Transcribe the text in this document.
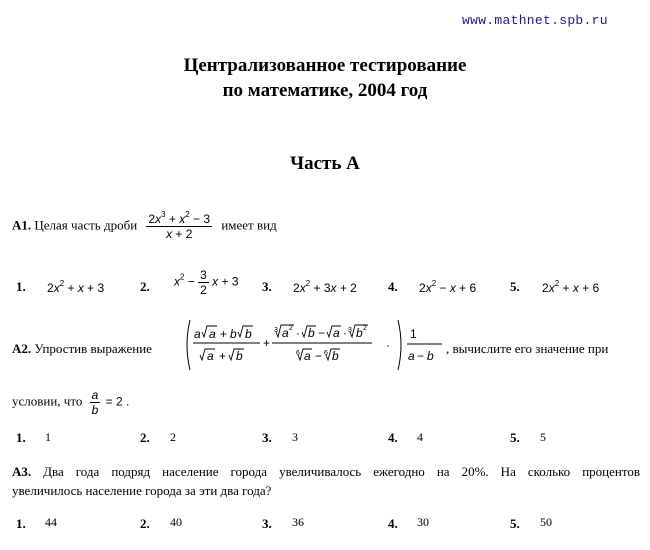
www.mathnet.spb.ru
Централизованное тестирование
по математике, 2004 год
Часть А
A1. Целая часть дроби $\frac{2x^3 + x^2 - 3}{x + 2}$ имеет вид
1. $2x^2 + x + 3$	2. $x^2 - \frac{3}{2}$ x + 3 3. $2x^2 + 3x + 2$ 4. $2x^2 - x + 6$	5. $2x^2 + x + 6$
A2. Упростив выражение
a a + b b
a + b
+
3 a 2 · b − a · 3 b 2
6 a − 6 b
·
1
a − b , вычислите его значение при
условии, что $\frac{a}{b} = 2$ .
1. 1	2. 2	3. 3	4. 4	5. 5
A3. Два года подряд население города увеличивалось ежегодно на 20%. На сколько процентов
увеличилось население города за эти два года?
1. 44	2. 40	3. 36	4. 30	5. 50
